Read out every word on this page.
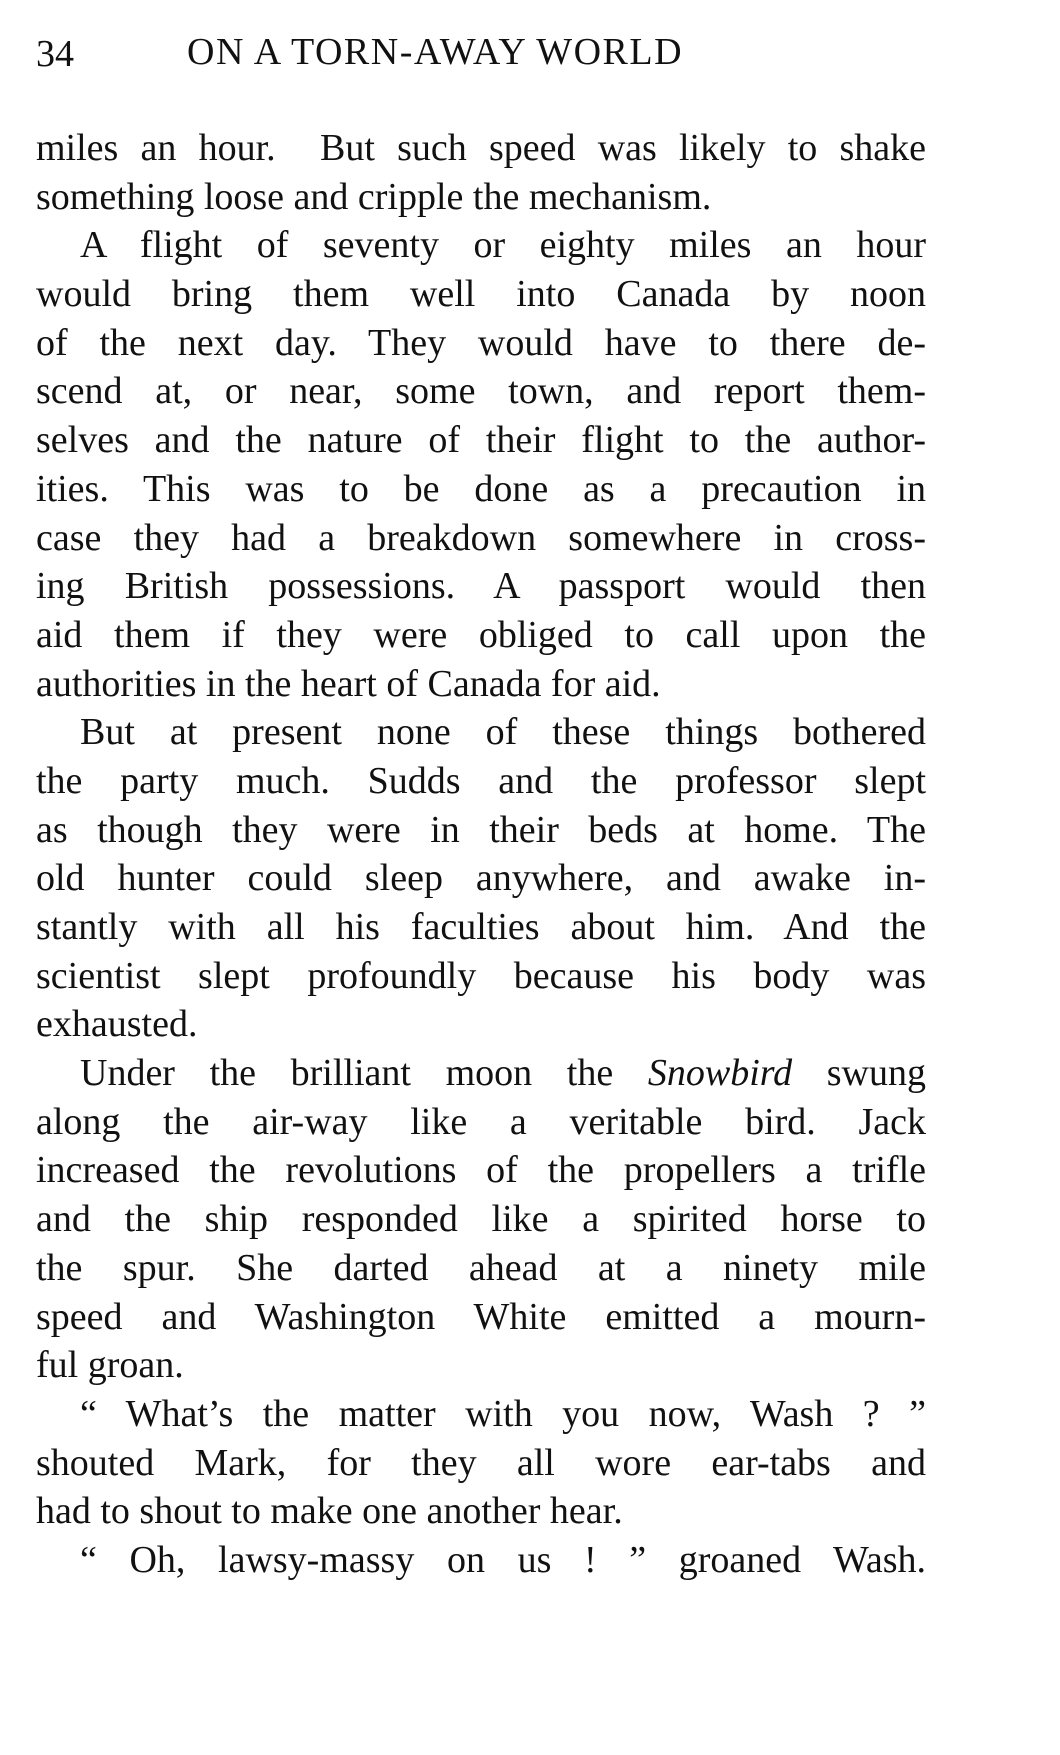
34	ON A TORN-AWAY WORLD

miles an hour.  But such speed was likely to shake
something loose and cripple the mechanism.

A flight of seventy or eighty miles an hour
would bring them well into Canada by noon
of the next day. They would have to there de-
scend at, or near, some town, and report them-
selves and the nature of their flight to the author-
ities. This was to be done as a precaution in
case they had a breakdown somewhere in cross-
ing British possessions. A passport would then
aid them if they were obliged to call upon the
authorities in the heart of Canada for aid.

But at present none of these things bothered
the party much. Sudds and the professor slept
as though they were in their beds at home. The
old hunter could sleep anywhere, and awake in-
stantly with all his faculties about him. And the
scientist slept profoundly because his body was
exhausted.

Under the brilliant moon the Snowbird swung
along the air-way like a veritable bird. Jack
increased the revolutions of the propellers a trifle
and the ship responded like a spirited horse to
the spur. She darted ahead at a ninety mile
speed and Washington White emitted a mourn-
ful groan.

“ What’s the matter with you now, Wash ? ”
shouted Mark, for they all wore ear-tabs and
had to shout to make one another hear.

“ Oh, lawsy-massy on us ! ” groaned Wash.
